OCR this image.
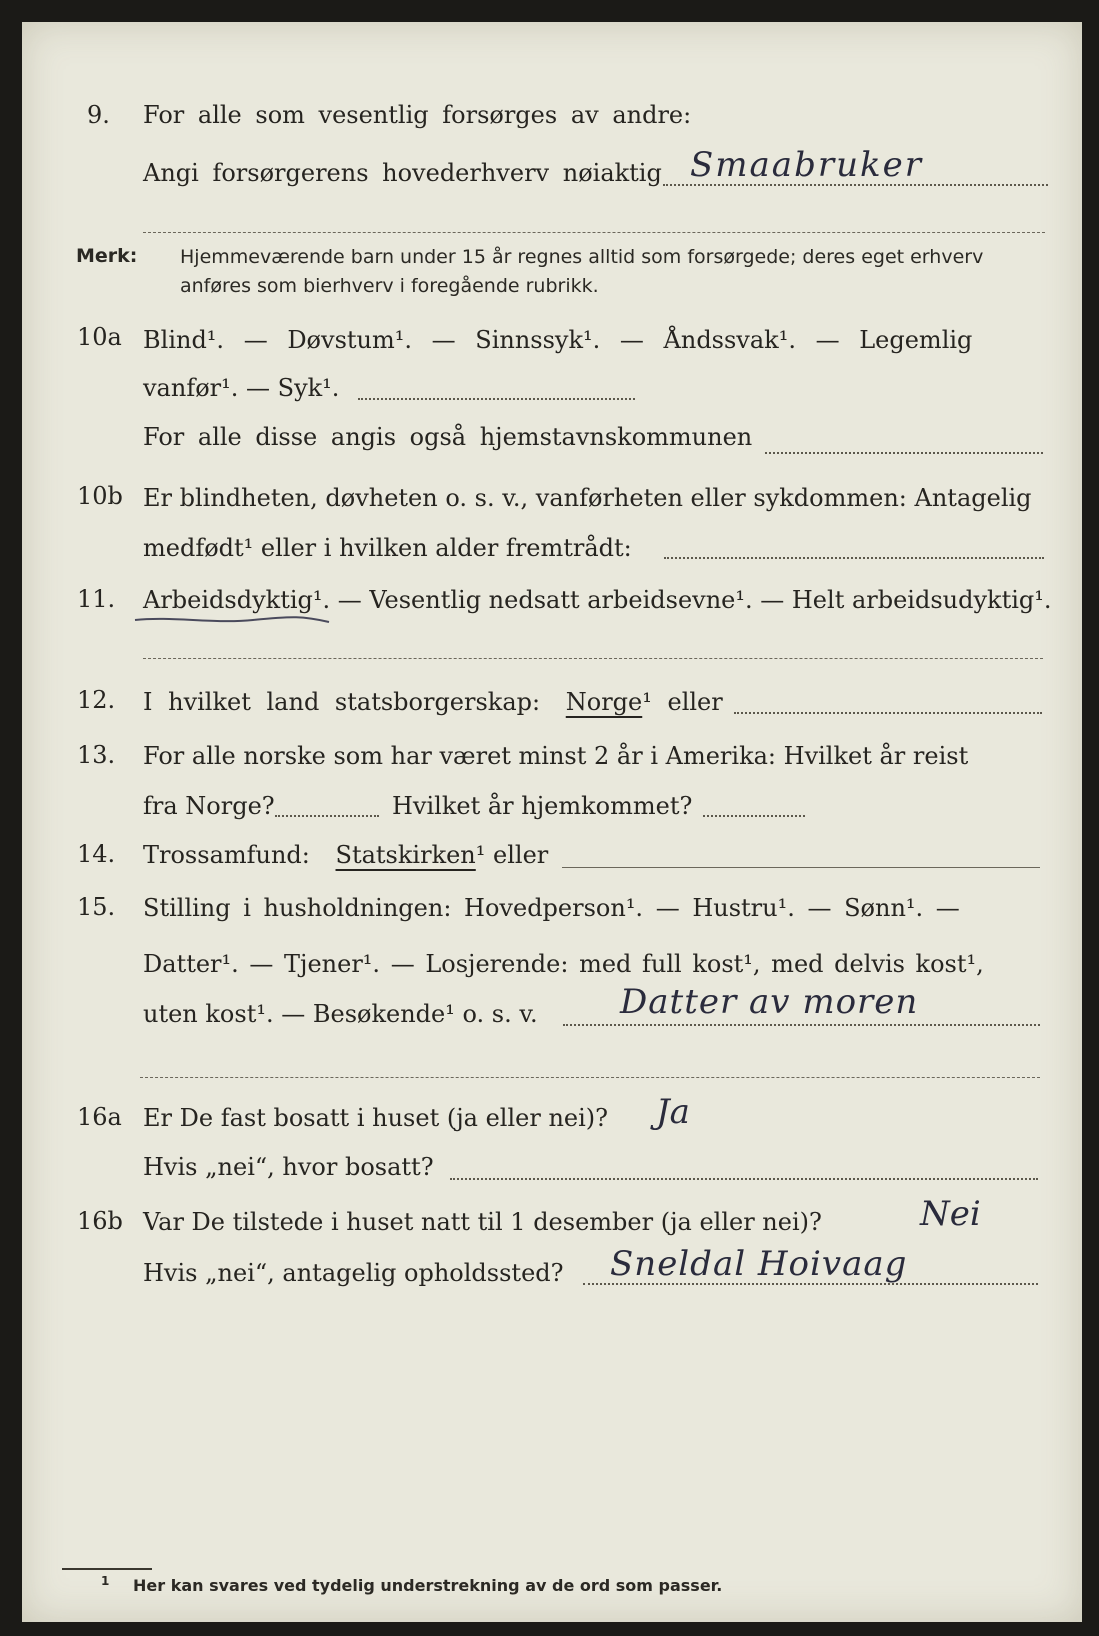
9. For alle som vesentlig forsørges av andre:
Angi forsørgerens hovederhverv nøiaktig Smaabruker
Merk: Hjemmeværende barn under 15 år regnes alltid som forsørgede; deres eget erhverv
anføres som bierhverv i foregående rubrikk.
10a Blind¹. — Døvstum¹. — Sinnssyk¹. — Åndssvak¹. — Legemlig
vanfør¹. — Syk¹.
For alle disse angis også hjemstavnskommunen
10b Er blindheten, døvheten o. s. v., vanførheten eller sykdommen: Antagelig
medfødt¹ eller i hvilken alder fremtrådt:
11. Arbeidsdyktig¹. — Vesentlig nedsatt arbeidsevne¹. — Helt arbeidsudyktig¹.
12. I hvilket land statsborgerskap: Norge¹ eller
13. For alle norske som har været minst 2 år i Amerika: Hvilket år reist
fra Norge?	Hvilket år hjemkommet?
14. Trossamfund: Statskirken¹ eller
15. Stilling i husholdningen: Hovedperson¹. — Hustru¹. — Sønn¹. —
Datter¹. — Tjener¹. — Losjerende: med full kost¹, med delvis kost¹,
uten kost¹. — Besøkende¹ o. s. v. Datter av moren
16a Er De fast bosatt i huset (ja eller nei)? Ja
Hvis „nei“, hvor bosatt?
16b Var De tilstede i huset natt til 1 desember (ja eller nei)?	Nei
Hvis „nei“, antagelig opholdssted? Sneldal Hoivaag
1 Her kan svares ved tydelig understrekning av de ord som passer.
